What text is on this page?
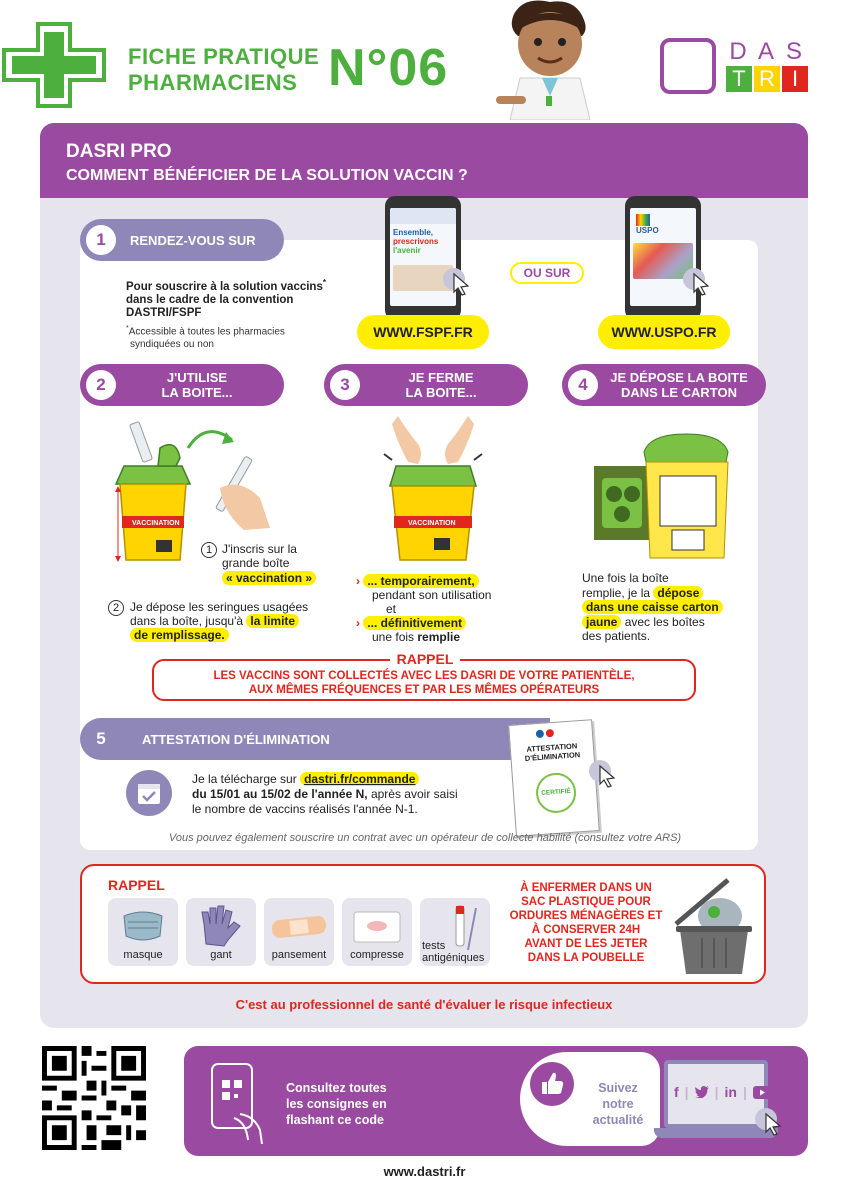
FICHE PRATIQUE
PHARMACIENS N°06	D A S
T R I
DASRI PRO
COMMENT BÉNÉFICIER DE LA SOLUTION VACCIN ?
RENDEZ-VOUS SUR
1
Pour souscrire à la solution vaccins*
dans le cadre de la convention
DASTRI/FSPF
*Accessible à toutes les pharmacies
syndiquées ou non
Ensemble,
prescrivons
l'avenir
OU SUR
USPO
WWW.FSPF.FR	WWW.USPO.FR
J'UTILISE
LA BOITE...
2	JE FERME
LA BOITE...
3	JE DÉPOSE LA BOITE
DANS LE CARTON
4
VACCINATION
1 J'inscris sur la
grande boîte
« vaccination »
2 Je dépose les seringues usagées
dans la boîte, jusqu'à la limite
de remplissage.
VACCINATION
› ... temporairement,
pendant son utilisation
et
› ... définitivement
une fois remplie
Une fois la boîte
remplie, je la dépose
dans une caisse carton
jaune avec les boîtes
des patients.
RAPPEL
LES VACCINS SONT COLLECTÉS AVEC LES DASRI DE VOTRE PATIENTÈLE,
AUX MÊMES FRÉQUENCES ET PAR LES MÊMES OPÉRATEURS
ATTESTATION D'ÉLIMINATION
5
Je la télécharge sur dastri.fr/commande
du 15/01 au 15/02 de l'année N, après avoir saisi
le nombre de vaccins réalisés l'année N-1.
ATTESTATION
D'ÉLIMINATION
CERTIFIÉ
Vous pouvez également souscrire un contrat avec un opérateur de collecte habilité (consultez votre ARS)
RAPPEL
masque	gant	pansement	compresse
tests
antigéniques
À ENFERMER DANS UN
SAC PLASTIQUE POUR
ORDURES MÉNAGÈRES ET
À CONSERVER 24H
AVANT DE LES JETER
DANS LA POUBELLE
C'est au professionnel de santé d'évaluer le risque infectieux
Consultez toutes
les consignes en
flashant ce code
Suivez
notre
actualité
f | | in |
www.dastri.fr
